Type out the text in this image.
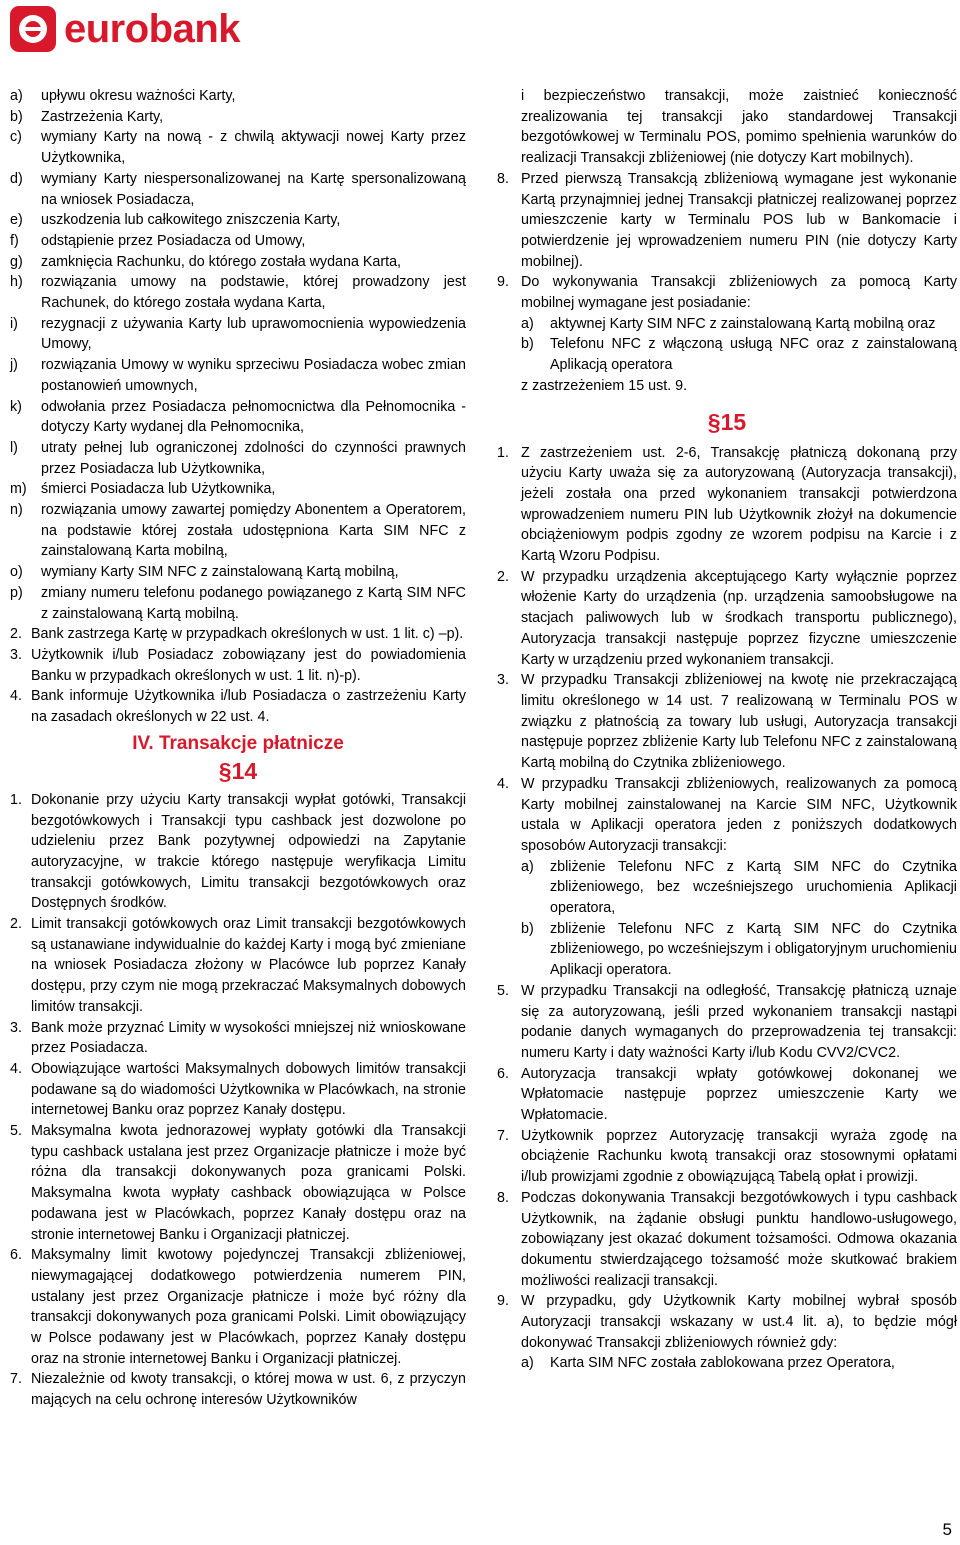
eurobank
a)	upływu okresu ważności Karty,
b)	Zastrzeżenia Karty,
c)	wymiany Karty na nową - z chwilą aktywacji nowej Karty przez Użytkownika,
d)	wymiany Karty niespersonalizowanej na Kartę spersonalizowaną na wniosek Posiadacza,
e)	uszkodzenia lub całkowitego zniszczenia Karty,
f)	odstąpienie przez Posiadacza od Umowy,
g)	zamknięcia Rachunku, do którego została wydana Karta,
h)	rozwiązania umowy na podstawie, której prowadzony jest Rachunek, do którego została wydana Karta,
i)	rezygnacji z używania Karty lub uprawomocnienia wypowiedzenia Umowy,
j)	rozwiązania Umowy w wyniku sprzeciwu Posiadacza wobec zmian postanowień umownych,
k)	odwołania przez Posiadacza pełnomocnictwa dla Pełnomocnika - dotyczy Karty wydanej dla Pełnomocnika,
l)	utraty pełnej lub ograniczonej zdolności do czynności prawnych przez Posiadacza lub Użytkownika,
m)	śmierci Posiadacza lub Użytkownika,
n)	rozwiązania umowy zawartej pomiędzy Abonentem a Operatorem, na podstawie której została udostępniona Karta SIM NFC z zainstalowaną Karta mobilną,
o)	wymiany Karty SIM NFC z zainstalowaną Kartą mobilną,
p)	zmiany numeru telefonu podanego powiązanego z Kartą SIM NFC z zainstalowaną Kartą mobilną.
2. Bank zastrzega Kartę w przypadkach określonych w ust. 1 lit. c) –p).
3. Użytkownik i/lub Posiadacz zobowiązany jest do powiadomienia Banku w przypadkach określonych w ust. 1 lit. n)-p).
4. Bank informuje Użytkownika i/lub Posiadacza o zastrzeżeniu Karty na zasadach określonych w 22 ust. 4.
IV. Transakcje płatnicze
§14
1. Dokonanie przy użyciu Karty transakcji wypłat gotówki, Transakcji bezgotówkowych i Transakcji typu cashback jest dozwolone po udzieleniu przez Bank pozytywnej odpowiedzi na Zapytanie autoryzacyjne, w trakcie którego następuje weryfikacja Limitu transakcji gotówkowych, Limitu transakcji bezgotówkowych oraz Dostępnych środków.
2. Limit transakcji gotówkowych oraz Limit transakcji bezgotówkowych są ustanawiane indywidualnie do każdej Karty i mogą być zmieniane na wniosek Posiadacza złożony w Placówce lub poprzez Kanały dostępu, przy czym nie mogą przekraczać Maksymalnych dobowych limitów transakcji.
3. Bank może przyznać Limity w wysokości mniejszej niż wnioskowane przez Posiadacza.
4. Obowiązujące wartości Maksymalnych dobowych limitów transakcji podawane są do wiadomości Użytkownika w Placówkach, na stronie internetowej Banku oraz poprzez Kanały dostępu.
5. Maksymalna kwota jednorazowej wypłaty gotówki dla Transakcji typu cashback ustalana jest przez Organizacje płatnicze i może być różna dla transakcji dokonywanych poza granicami Polski. Maksymalna kwota wypłaty cashback obowiązująca w Polsce podawana jest w Placówkach, poprzez Kanały dostępu oraz na stronie internetowej Banku i Organizacji płatniczej.
6. Maksymalny limit kwotowy pojedynczej Transakcji zbliżeniowej, niewymagającej dodatkowego potwierdzenia numerem PIN, ustalany jest przez Organizacje płatnicze i może być różny dla transakcji dokonywanych poza granicami Polski. Limit obowiązujący w Polsce podawany jest w Placówkach, poprzez Kanały dostępu oraz na stronie internetowej Banku i Organizacji płatniczej.
7. Niezależnie od kwoty transakcji, o której mowa w ust. 6, z przyczyn mających na celu ochronę interesów Użytkowników

i bezpieczeństwo transakcji, może zaistnieć konieczność zrealizowania tej transakcji jako standardowej Transakcji bezgotówkowej w Terminalu POS, pomimo spełnienia warunków do realizacji Transakcji zbliżeniowej (nie dotyczy Kart mobilnych).

8. Przed pierwszą Transakcją zbliżeniową wymagane jest wykonanie Kartą przynajmniej jednej Transakcji płatniczej realizowanej poprzez umieszczenie karty w Terminalu POS lub w Bankomacie i potwierdzenie jej wprowadzeniem numeru PIN (nie dotyczy Karty mobilnej).
9. Do wykonywania Transakcji zbliżeniowych za pomocą Karty mobilnej wymagane jest posiadanie:
a)	aktywnej Karty SIM NFC z zainstalowaną Kartą mobilną oraz
b)	Telefonu NFC z włączoną usługą NFC oraz z zainstalowaną Aplikacją operatora

z zastrzeżeniem 15 ust. 9.

§15
1. Z zastrzeżeniem ust. 2-6, Transakcję płatniczą dokonaną przy użyciu Karty uważa się za autoryzowaną (Autoryzacja transakcji), jeżeli została ona przed wykonaniem transakcji potwierdzona wprowadzeniem numeru PIN lub Użytkownik złożył na dokumencie obciążeniowym podpis zgodny ze wzorem podpisu na Karcie i z Kartą Wzoru Podpisu.
2. W przypadku urządzenia akceptującego Karty wyłącznie poprzez włożenie Karty do urządzenia (np. urządzenia samoobsługowe na stacjach paliwowych lub w środkach transportu publicznego), Autoryzacja transakcji następuje poprzez fizyczne umieszczenie Karty w urządzeniu przed wykonaniem transakcji.
3. W przypadku Transakcji zbliżeniowej na kwotę nie przekraczającą limitu określonego w 14 ust. 7 realizowaną w Terminalu POS w związku z płatnością za towary lub usługi, Autoryzacja transakcji następuje poprzez zbliżenie Karty lub Telefonu NFC z zainstalowaną Kartą mobilną do Czytnika zbliżeniowego.
4. W przypadku Transakcji zbliżeniowych, realizowanych za pomocą Karty mobilnej zainstalowanej na Karcie SIM NFC, Użytkownik ustala w Aplikacji operatora jeden z poniższych dodatkowych sposobów Autoryzacji transakcji:
a)	zbliżenie Telefonu NFC z Kartą SIM NFC do Czytnika zbliżeniowego, bez wcześniejszego uruchomienia Aplikacji operatora,
b)	zbliżenie Telefonu NFC z Kartą SIM NFC do Czytnika zbliżeniowego, po wcześniejszym i obligatoryjnym uruchomieniu Aplikacji operatora.
5. W przypadku Transakcji na odległość, Transakcję płatniczą uznaje się za autoryzowaną, jeśli przed wykonaniem transakcji nastąpi podanie danych wymaganych do przeprowadzenia tej transakcji: numeru Karty i daty ważności Karty i/lub Kodu CVV2/CVC2.
6. Autoryzacja transakcji wpłaty gotówkowej dokonanej we Wpłatomacie następuje poprzez umieszczenie Karty we Wpłatomacie.
7. Użytkownik poprzez Autoryzację transakcji wyraża zgodę na obciążenie Rachunku kwotą transakcji oraz stosownymi opłatami i/lub prowizjami zgodnie z obowiązującą Tabelą opłat i prowizji.
8. Podczas dokonywania Transakcji bezgotówkowych i typu cashback Użytkownik, na żądanie obsługi punktu handlowo-usługowego, zobowiązany jest okazać dokument tożsamości. Odmowa okazania dokumentu stwierdzającego tożsamość może skutkować brakiem możliwości realizacji transakcji.
9. W przypadku, gdy Użytkownik Karty mobilnej wybrał sposób Autoryzacji transakcji wskazany w ust.4 lit. a), to będzie mógł dokonywać Transakcji zbliżeniowych również gdy:
a)	Karta SIM NFC została zablokowana przez Operatora,
5
